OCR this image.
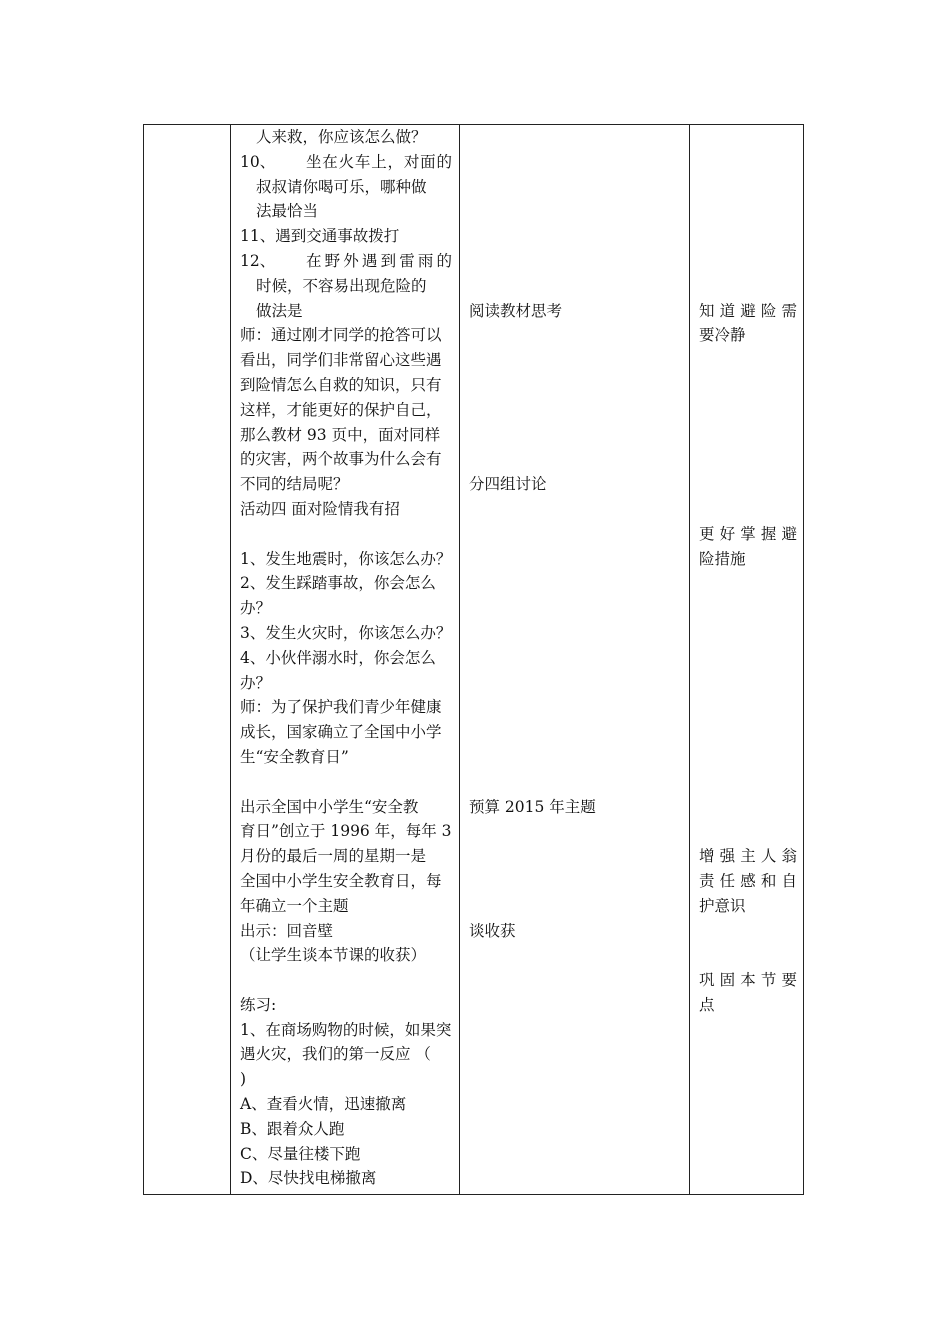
人来救，你应该怎么做？
10、	坐在火车上，对面的
叔叔请你喝可乐，哪种做
法最恰当
11、遇到交通事故拨打
12、	在野外遇到雷雨的
时候，不容易出现危险的
做法是
师：通过刚才同学的抢答可以
看出，同学们非常留心这些遇
到险情怎么自救的知识，只有
这样，才能更好的保护自己，
那么教材 93 页中，面对同样
的灾害，两个故事为什么会有
不同的结局呢？
活动四 面对险情我有招
1、发生地震时，你该怎么办？
2、发生踩踏事故，你会怎么
办？
3、发生火灾时，你该怎么办？
4、小伙伴溺水时，你会怎么
办？
师：为了保护我们青少年健康
成长，国家确立了全国中小学
生“安全教育日”
出示全国中小学生“安全教
育日”创立于 1996 年，每年 3
月份的最后一周的星期一是
全国中小学生安全教育日，每
年确立一个主题
出示：回音壁
（让学生谈本节课的收获）
练习:
1、在商场购物的时候，如果突
遇火灾，我们的第一反应 （
)
A、查看火情，迅速撤离
B、跟着众人跑
C、尽量往楼下跑
D、尽快找电梯撤离
阅读教材思考
分四组讨论
预算 2015 年主题
谈收获
知道避险需
要冷静
更好掌握避
险措施
增强主人翁
责任感和自
护意识
巩固本节要
点
